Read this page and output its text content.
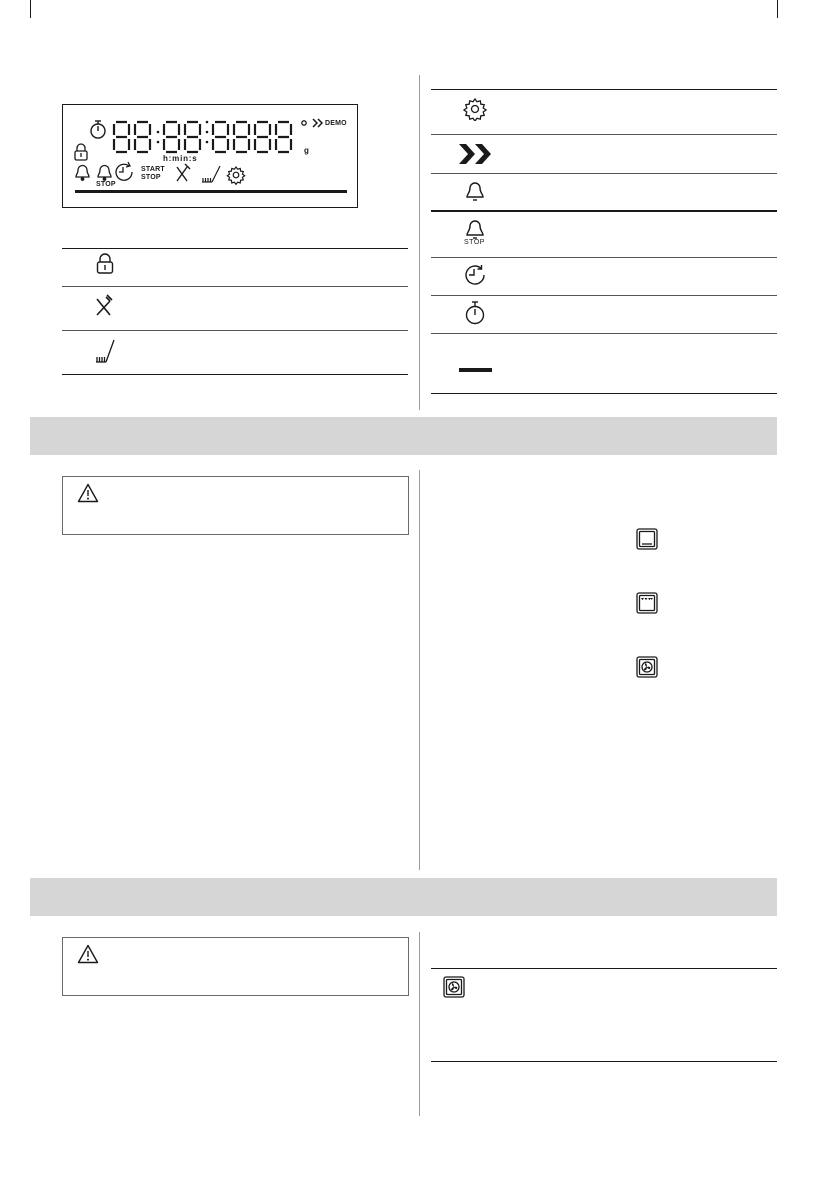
DEMO
g
h:min:s
START
STOP
STOP
STOP
